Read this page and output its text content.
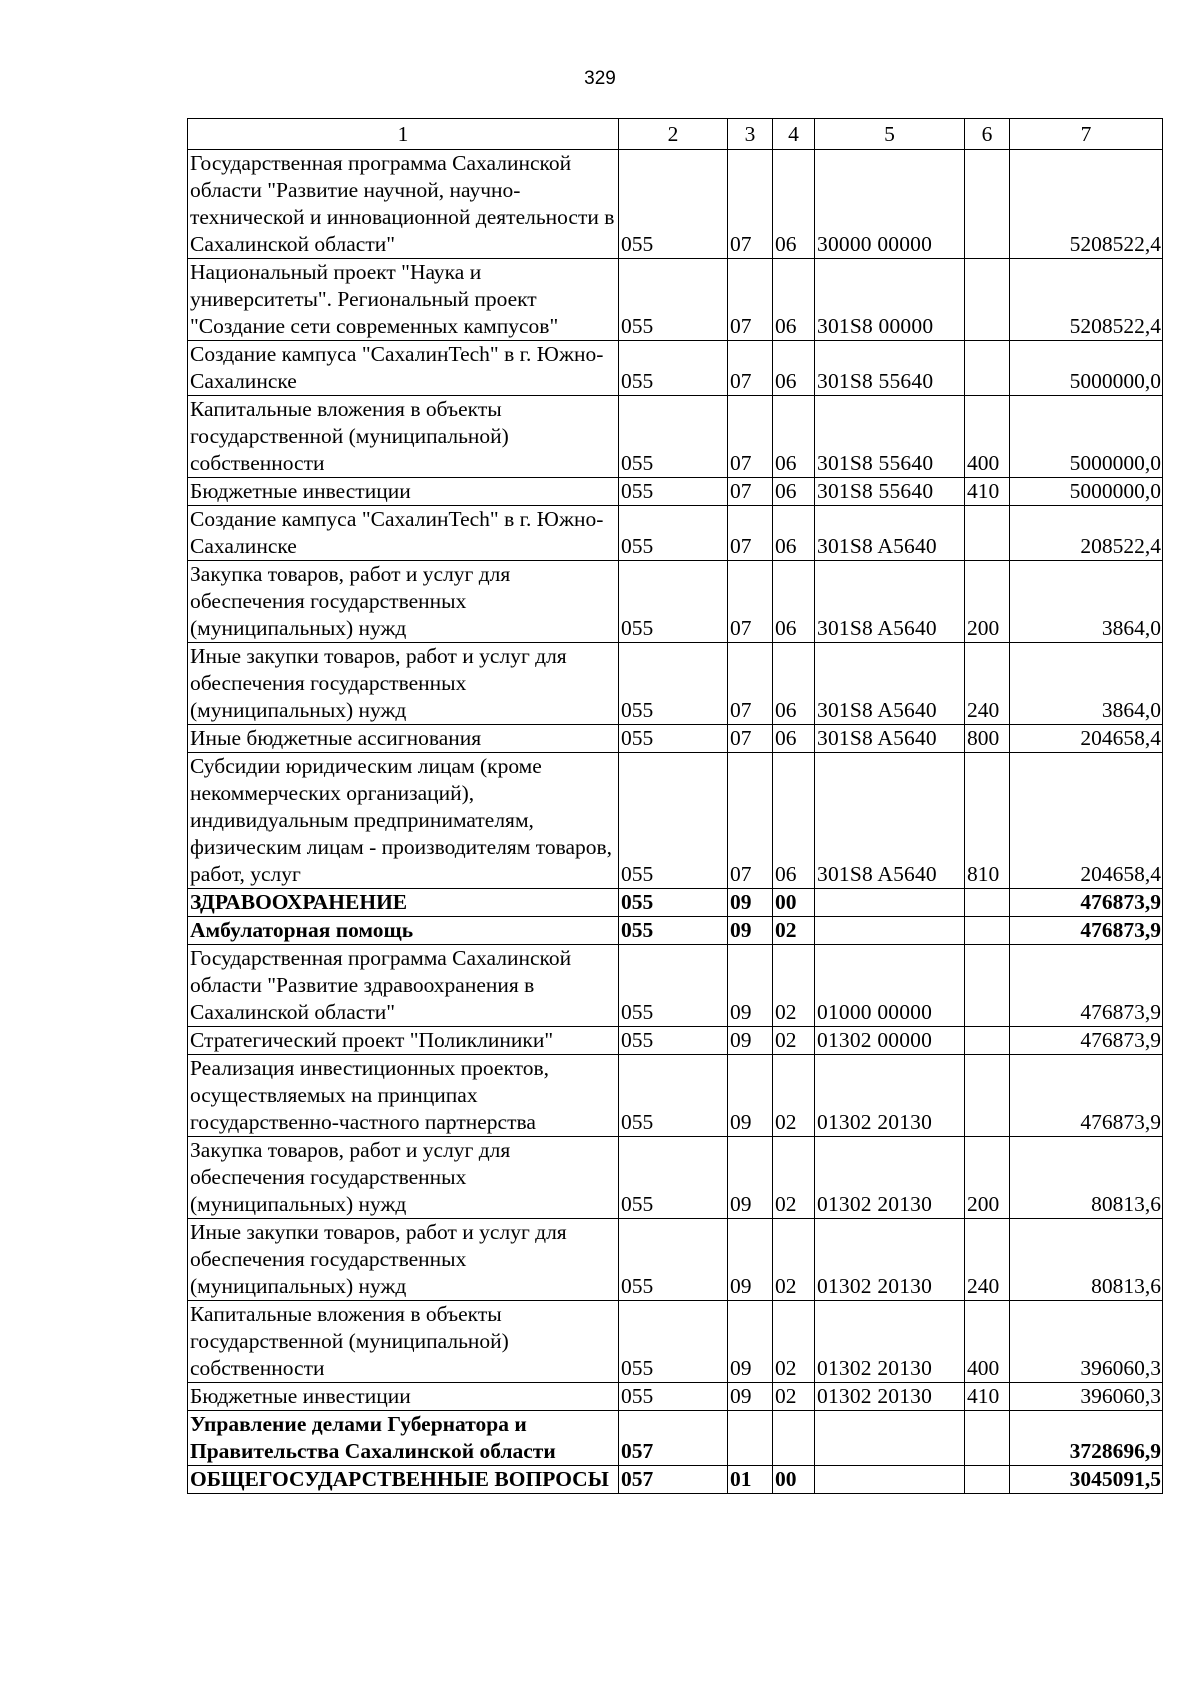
329
1	2	3	4	5	6	7
Государственная программа Сахалинской области "Развитие научной, научно-технической и инновационной деятельности в Сахалинской области"	055	07	06	30000 00000		5208522,4
Национальный проект "Наука и университеты". Региональный проект "Создание сети современных кампусов"	055	07	06	301S8 00000		5208522,4
Создание кампуса "СахалинTech" в г. Южно-Сахалинске	055	07	06	301S8 55640		5000000,0
Капитальные вложения в объекты государственной (муниципальной) собственности	055	07	06	301S8 55640	400	5000000,0
Бюджетные инвестиции	055	07	06	301S8 55640	410	5000000,0
Создание кампуса "СахалинTech" в г. Южно-Сахалинске	055	07	06	301S8 A5640		208522,4
Закупка товаров, работ и услуг для обеспечения государственных (муниципальных) нужд	055	07	06	301S8 A5640	200	3864,0
Иные закупки товаров, работ и услуг для обеспечения государственных (муниципальных) нужд	055	07	06	301S8 A5640	240	3864,0
Иные бюджетные ассигнования	055	07	06	301S8 A5640	800	204658,4
Субсидии юридическим лицам (кроме некоммерческих организаций), индивидуальным предпринимателям, физическим лицам - производителям товаров, работ, услуг	055	07	06	301S8 A5640	810	204658,4
ЗДРАВООХРАНЕНИЕ	055	09	00			476873,9
Амбулаторная помощь	055	09	02			476873,9
Государственная программа Сахалинской области "Развитие здравоохранения в Сахалинской области"	055	09	02	01000 00000		476873,9
Стратегический проект "Поликлиники"	055	09	02	01302 00000		476873,9
Реализация инвестиционных проектов, осуществляемых на принципах государственно-частного партнерства	055	09	02	01302 20130		476873,9
Закупка товаров, работ и услуг для обеспечения государственных (муниципальных) нужд	055	09	02	01302 20130	200	80813,6
Иные закупки товаров, работ и услуг для обеспечения государственных (муниципальных) нужд	055	09	02	01302 20130	240	80813,6
Капитальные вложения в объекты государственной (муниципальной) собственности	055	09	02	01302 20130	400	396060,3
Бюджетные инвестиции	055	09	02	01302 20130	410	396060,3
Управление делами Губернатора и Правительства Сахалинской области	057					3728696,9
ОБЩЕГОСУДАРСТВЕННЫЕ ВОПРОСЫ	057	01	00			3045091,5
